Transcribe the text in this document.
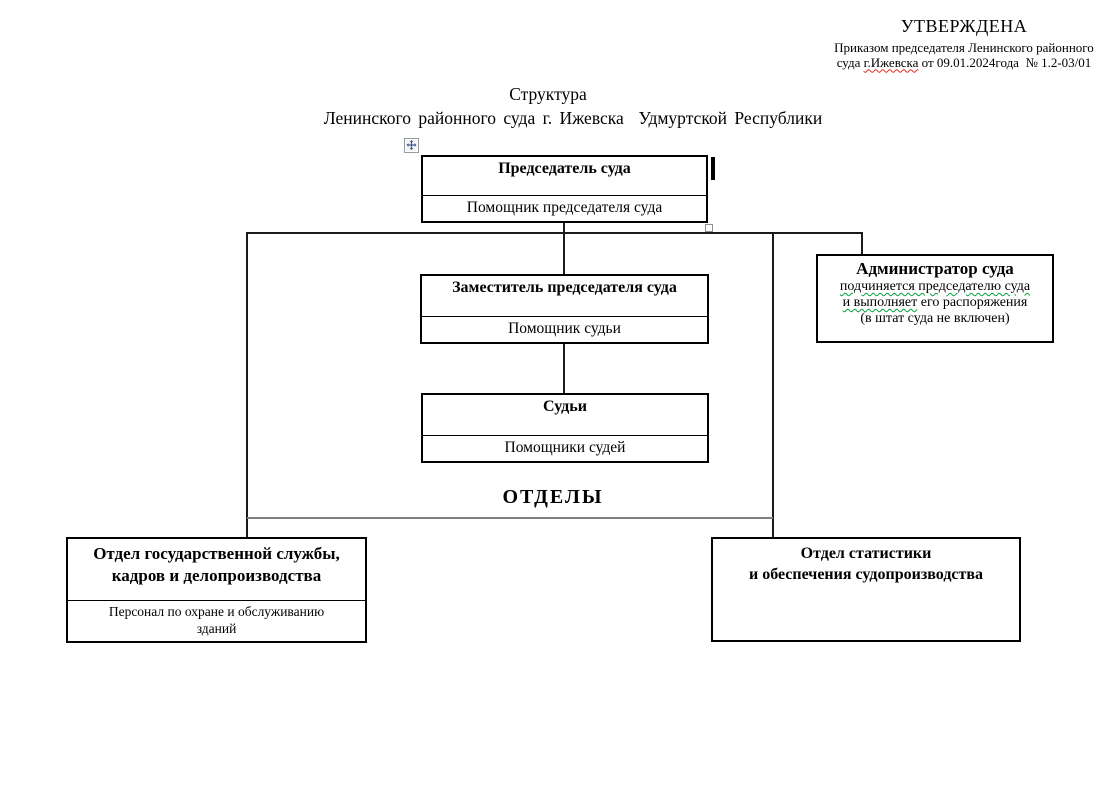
УТВЕРЖДЕНА
Приказом председателя Ленинского районного
суда г.Ижевска от 09.01.2024года  № 1.2-03/01
Структура
Ленинского районного суда г. Ижевска  Удмуртской Республики
Председатель суда
Помощник председателя суда
Заместитель председателя суда
Помощник судьи
Администратор суда
подчиняется председателю суда
и выполняет его распоряжения
(в штат суда не включен)
Судьи
Помощники судей
ОТДЕЛЫ
Отдел государственной службы,
кадров и делопроизводства
Персонал по охране и обслуживанию
зданий
Отдел статистики
и обеспечения судопроизводства
